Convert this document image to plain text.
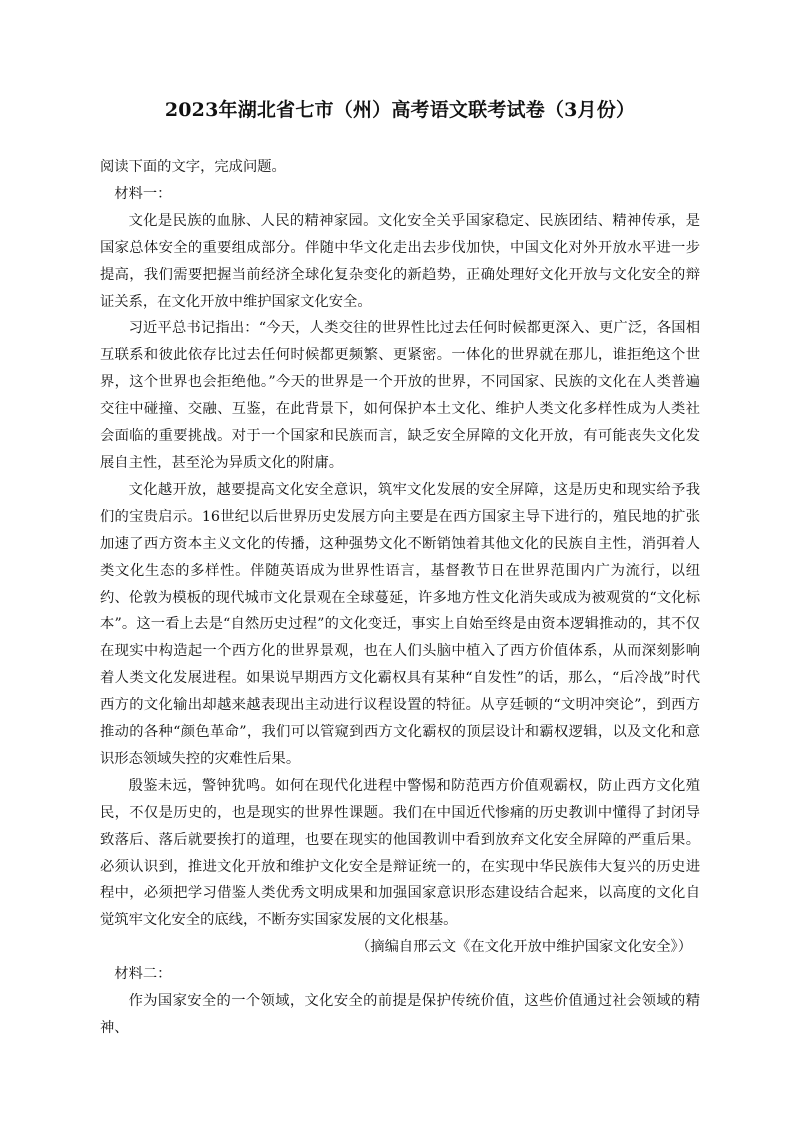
2023年湖北省七市（州）高考语文联考试卷（3月份）

阅读下面的文字，完成问题。

材料一：

文化是民族的血脉、人民的精神家园。文化安全关乎国家稳定、民族团结、精神传承，是国家总体安全的重要组成部分。伴随中华文化走出去步伐加快，中国文化对外开放水平进一步提高，我们需要把握当前经济全球化复杂变化的新趋势，正确处理好文化开放与文化安全的辩证关系，在文化开放中维护国家文化安全。

习近平总书记指出：“今天，人类交往的世界性比过去任何时候都更深入、更广泛，各国相互联系和彼此依存比过去任何时候都更频繁、更紧密。一体化的世界就在那儿，谁拒绝这个世界，这个世界也会拒绝他。”今天的世界是一个开放的世界，不同国家、民族的文化在人类普遍交往中碰撞、交融、互鉴，在此背景下，如何保护本土文化、维护人类文化多样性成为人类社会面临的重要挑战。对于一个国家和民族而言，缺乏安全屏障的文化开放，有可能丧失文化发展自主性，甚至沦为异质文化的附庸。

文化越开放，越要提高文化安全意识，筑牢文化发展的安全屏障，这是历史和现实给予我们的宝贵启示。16世纪以后世界历史发展方向主要是在西方国家主导下进行的，殖民地的扩张加速了西方资本主义文化的传播，这种强势文化不断销蚀着其他文化的民族自主性，消弭着人类文化生态的多样性。伴随英语成为世界性语言，基督教节日在世界范围内广为流行，以纽约、伦敦为模板的现代城市文化景观在全球蔓延，许多地方性文化消失或成为被观赏的“文化标本”。这一看上去是“自然历史过程”的文化变迁，事实上自始至终是由资本逻辑推动的，其不仅在现实中构造起一个西方化的世界景观，也在人们头脑中植入了西方价值体系，从而深刻影响着人类文化发展进程。如果说早期西方文化霸权具有某种“自发性”的话，那么，“后冷战”时代西方的文化输出却越来越表现出主动进行议程设置的特征。从亨廷顿的“文明冲突论”，到西方推动的各种“颜色革命”，我们可以管窥到西方文化霸权的顶层设计和霸权逻辑，以及文化和意识形态领域失控的灾难性后果。

殷鉴未远，警钟犹鸣。如何在现代化进程中警惕和防范西方价值观霸权，防止西方文化殖民，不仅是历史的，也是现实的世界性课题。我们在中国近代惨痛的历史教训中懂得了封闭导致落后、落后就要挨打的道理，也要在现实的他国教训中看到放弃文化安全屏障的严重后果。必须认识到，推进文化开放和维护文化安全是辩证统一的，在实现中华民族伟大复兴的历史进程中，必须把学习借鉴人类优秀文明成果和加强国家意识形态建设结合起来，以高度的文化自觉筑牢文化安全的底线，不断夯实国家发展的文化根基。

（摘编自邢云文《在文化开放中维护国家文化安全》）

材料二：

作为国家安全的一个领域，文化安全的前提是保护传统价值，这些价值通过社会领域的精神、
